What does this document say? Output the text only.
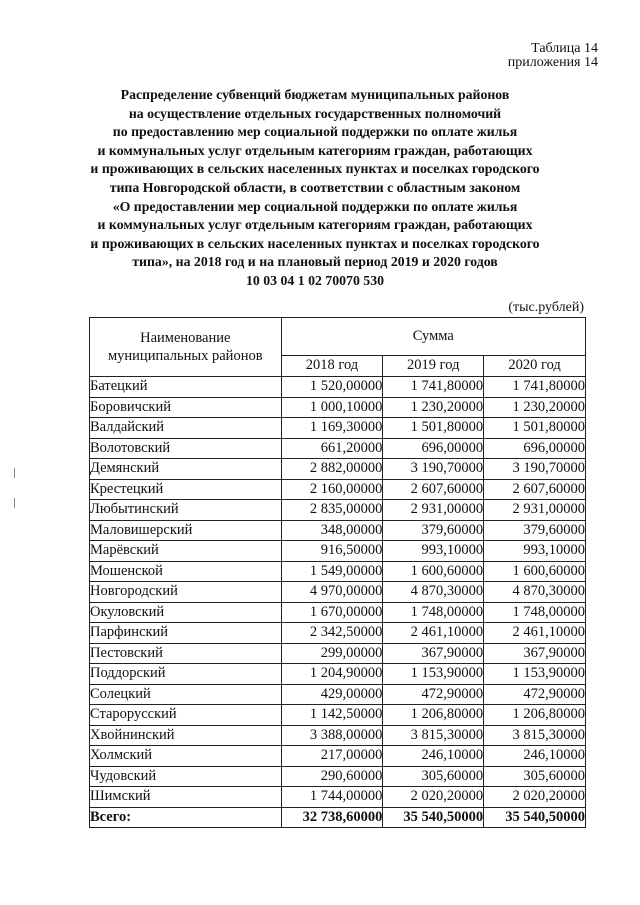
Таблица 14
приложения 14
Распределение субвенций бюджетам муниципальных районов
на осуществление отдельных государственных полномочий
по предоставлению мер социальной поддержки по оплате жилья
и коммунальных услуг отдельным категориям граждан, работающих
и проживающих в сельских населенных пунктах и поселках городского
типа Новгородской области, в соответствии с областным законом
«О предоставлении мер социальной поддержки по оплате жилья
и коммунальных услуг отдельным категориям граждан, работающих
и проживающих в сельских населенных пунктах и поселках городского
типа», на 2018 год и на плановый период 2019 и 2020 годов
10 03 04 1 02 70070 530
(тыс.рублей)
Наименование муниципальных районов	Сумма		
	2018 год	2019 год	2020 год
Батецкий	1 520,00000	1 741,80000	1 741,80000
Боровичский	1 000,10000	1 230,20000	1 230,20000
Валдайский	1 169,30000	1 501,80000	1 501,80000
Волотовский	661,20000	696,00000	696,00000
Демянский	2 882,00000	3 190,70000	3 190,70000
Крестецкий	2 160,00000	2 607,60000	2 607,60000
Любытинский	2 835,00000	2 931,00000	2 931,00000
Маловишерский	348,00000	379,60000	379,60000
Марёвский	916,50000	993,10000	993,10000
Мошенской	1 549,00000	1 600,60000	1 600,60000
Новгородский	4 970,00000	4 870,30000	4 870,30000
Окуловский	1 670,00000	1 748,00000	1 748,00000
Парфинский	2 342,50000	2 461,10000	2 461,10000
Пестовский	299,00000	367,90000	367,90000
Поддорский	1 204,90000	1 153,90000	1 153,90000
Солецкий	429,00000	472,90000	472,90000
Старорусский	1 142,50000	1 206,80000	1 206,80000
Хвойнинский	3 388,00000	3 815,30000	3 815,30000
Холмский	217,00000	246,10000	246,10000
Чудовский	290,60000	305,60000	305,60000
Шимский	1 744,00000	2 020,20000	2 020,20000
Всего:	32 738,60000	35 540,50000	35 540,50000
